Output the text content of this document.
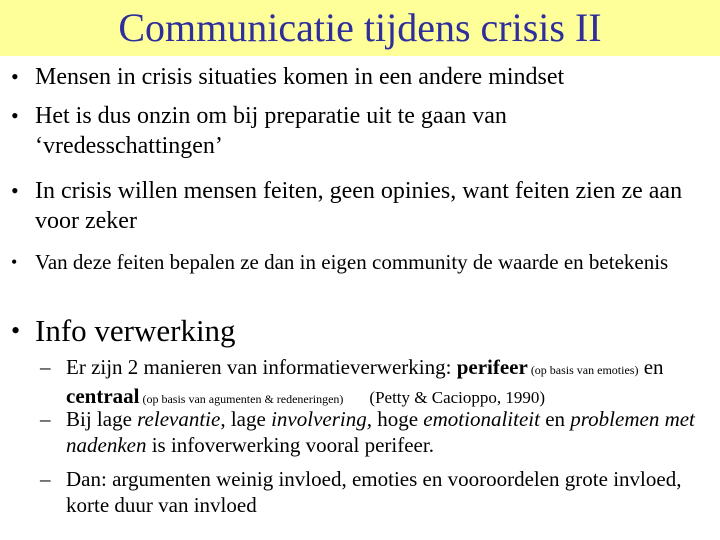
Communicatie tijdens crisis II
• Mensen in crisis situaties komen in een andere mindset
• Het is dus onzin om bij preparatie uit te gaan van ‘vredesschattingen’
• In crisis willen mensen feiten, geen opinies, want feiten zien ze aan voor zeker
• Van deze feiten bepalen ze dan in eigen community de waarde en betekenis
• Info verwerking
– Er zijn 2 manieren van informatieverwerking: perifeer (op basis van emoties) en centraal (op basis van agumenten & redeneringen) (Petty & Cacioppo, 1990)
– Bij lage relevantie, lage involvering, hoge emotionaliteit en problemen met nadenken is infoverwerking vooral perifeer.
– Dan: argumenten weinig invloed, emoties en vooroordelen grote invloed, korte duur van invloed
